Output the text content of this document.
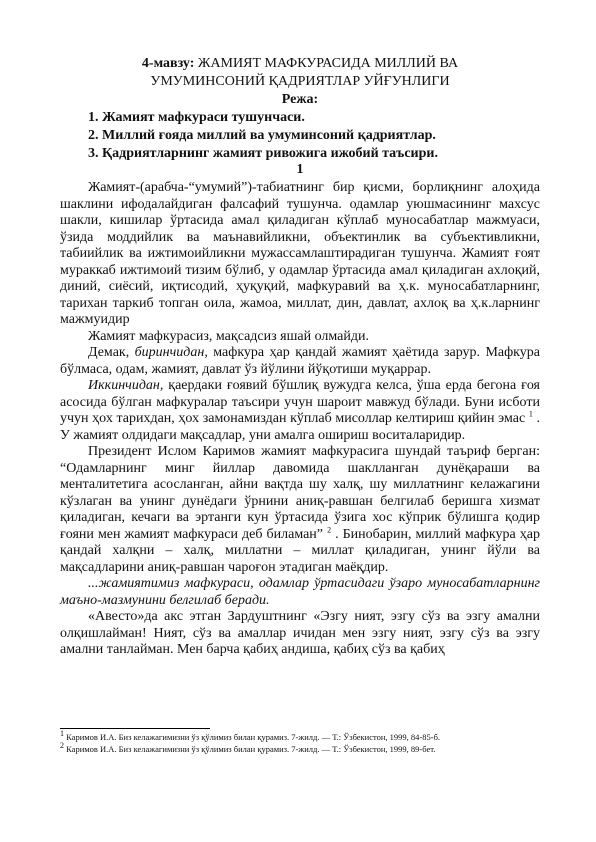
4-мавзу: ЖАМИЯТ МАФКУРАСИДА МИЛЛИЙ ВА
УМУМИНСОНИЙ ҚАДРИЯТЛАР УЙҒУНЛИГИ
Режа:
1. Жамият мафкураси тушунчаси.
2. Миллий ғояда миллий ва умуминсоний қадриятлар.
3. Қадриятларнинг жамият ривожига ижобий таъсири.
1

Жамият-(арабча-“умумий”)-табиатнинг бир қисми, борлиқнинг алоҳида шаклини ифодалайдиган фалсафий тушунча. одамлар уюшмасининг махсус шакли, кишилар ўртасида амал қиладиган кўплаб муносабатлар мажмуаси, ўзида моддийлик ва маънавийликни, объектинлик ва субъективликни, табиийлик ва ижтимоийликни мужассамлаштирадиган тушунча. Жамият ғоят мураккаб ижтимоий тизим бўлиб, у одамлар ўртасида амал қиладиган ахлоқий, диний, сиёсий, иқтисодий, ҳуқуқий, мафкуравий ва ҳ.к. муносабатларнинг, тарихан таркиб топган оила, жамоа, миллат, дин, давлат, ахлоқ ва ҳ.к.ларнинг мажмуидир

Жамият мафкурасиз, мақсадсиз яшай олмайди.

Демак, биринчидан, мафкура ҳар қандай жамият ҳаётида зарур. Мафкура бўлмаса, одам, жамият, давлат ўз йўлини йўқотиши муқаррар.

Иккинчидан, қаердаки ғоявий бўшлиқ вужудга келса, ўша ерда бегона ғоя асосида бўлган мафкуралар таъсири учун шароит мавжуд бўлади. Буни исботи учун ҳох тарихдан, ҳох замонамиздан кўплаб мисоллар келтириш қийин эмас $^1$ . У жамият олдидаги мақсадлар, уни амалга ошириш воситаларидир.

Президент Ислом Каримов жамият мафкурасига шундай таъриф берган: “Одамларнинг минг йиллар давомида шаклланган дунёқараши ва менталитетига асосланган, айни вақтда шу халқ, шу миллатнинг келажагини кўзлаган ва унинг дунёдаги ўрнини аниқ-равшан белгилаб беришга хизмат қиладиган, кечаги ва эртанги кун ўртасида ўзига хос кўприк бўлишга қодир ғояни мен жамият мафкураси деб биламан” $^2$ . Бинобарин, миллий мафкура ҳар қандай халқни – халқ, миллатни – миллат қиладиган, унинг йўли ва мақсадларини аниқ-равшан чароғон этадиган маёқдир.

...жамиятимиз мафкураси, одамлар ўртасидаги ўзаро муносабатларнинг маъно-мазмунини белгилаб беради.

«Авесто»да акс этган Зардуштнинг «Эзгу ният, эзгу сўз ва эзгу амални олқишлайман! Ният, сўз ва амаллар ичидан мен эзгу ният, эзгу сўз ва эзгу амални танлайман. Мен барча қабиҳ андиша, қабиҳ сўз ва қабиҳ

$^1$ Каримов И.А. Биз келажагимизни ўз қўлимиз билан қурамиз. 7-жилд. — Т.: Ўзбекистон, 1999, 84-85-б.
$^2$ Каримов И.А. Биз келажагимизни ўз қўлимиз билан қурамиз. 7-жилд. — Т.: Ўзбекистон, 1999, 89-бет.
